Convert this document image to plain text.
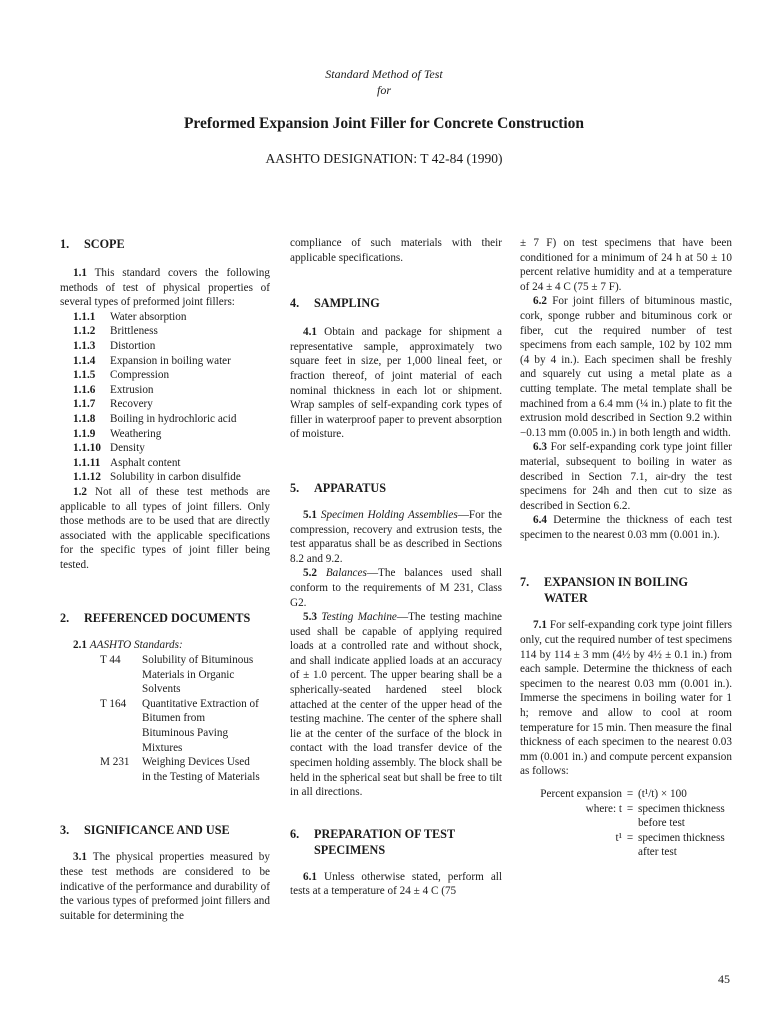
Standard Method of Test
for
Preformed Expansion Joint Filler for Concrete Construction
AASHTO DESIGNATION: T 42-84 (1990)
1.	SCOPE
1.1 This standard covers the following methods of test of physical properties of several types of preformed joint fillers:
1.1.1	Water absorption
1.1.2	Brittleness
1.1.3	Distortion
1.1.4	Expansion in boiling water
1.1.5	Compression
1.1.6	Extrusion
1.1.7	Recovery
1.1.8	Boiling in hydrochloric acid
1.1.9	Weathering
1.1.10 Density
1.1.11 Asphalt content
1.1.12 Solubility in carbon disulfide
1.2 Not all of these test methods are applicable to all types of joint fillers. Only those methods are to be used that are directly associated with the applicable specifications for the specific types of joint filler being tested.
2.	REFERENCED DOCUMENTS
2.1 AASHTO Standards:
T 44	Solubility of Bituminous Materials in Organic Solvents
T 164	Quantitative Extraction of Bitumen from Bituminous Paving Mixtures
M 231	Weighing Devices Used in the Testing of Materials
3.	SIGNIFICANCE AND USE
3.1 The physical properties measured by these test methods are considered to be indicative of the performance and durability of the various types of preformed joint fillers and suitable for determining the
compliance of such materials with their applicable specifications.
4.	SAMPLING
4.1 Obtain and package for shipment a representative sample, approximately two square feet in size, per 1,000 lineal feet, or fraction thereof, of joint material of each nominal thickness in each lot or shipment. Wrap samples of self-expanding cork types of filler in waterproof paper to prevent absorption of moisture.
5.	APPARATUS
5.1 Specimen Holding Assemblies—For the compression, recovery and extrusion tests, the test apparatus shall be as described in Sections 8.2 and 9.2.
5.2 Balances—The balances used shall conform to the requirements of M 231, Class G2.
5.3 Testing Machine—The testing machine used shall be capable of applying required loads at a controlled rate and without shock, and shall indicate applied loads at an accuracy of ± 1.0 percent. The upper bearing shall be a spherically-seated hardened steel block attached at the center of the upper head of the testing machine. The center of the sphere shall lie at the center of the surface of the block in contact with the load transfer device of the specimen holding assembly. The block shall be held in the spherical seat but shall be free to tilt in all directions.
6.	PREPARATION OF TEST SPECIMENS
6.1 Unless otherwise stated, perform all tests at a temperature of 24 ± 4 C (75
± 7 F) on test specimens that have been conditioned for a minimum of 24 h at 50 ± 10 percent relative humidity and at a temperature of 24 ± 4 C (75 ± 7 F).
6.2 For joint fillers of bituminous mastic, cork, sponge rubber and bituminous cork or fiber, cut the required number of test specimens from each sample, 102 by 102 mm (4 by 4 in.). Each specimen shall be freshly and squarely cut using a metal plate as a cutting template. The metal template shall be machined from a 6.4 mm (¼ in.) plate to fit the extrusion mold described in Section 9.2 within −0.13 mm (0.005 in.) in both length and width.
6.3 For self-expanding cork type joint filler material, subsequent to boiling in water as described in Section 7.1, air-dry the test specimens for 24h and then cut to size as described in Section 6.2.
6.4 Determine the thickness of each test specimen to the nearest 0.03 mm (0.001 in.).
7.	EXPANSION IN BOILING WATER
7.1 For self-expanding cork type joint fillers only, cut the required number of test specimens 114 by 114 ± 3 mm (4½ by 4½ ± 0.1 in.) from each sample. Determine the thickness of each specimen to the nearest 0.03 mm (0.001 in.). Immerse the specimens in boiling water for 1 h; remove and allow to cool at room temperature for 15 min. Then measure the final thickness of each specimen to the nearest 0.03 mm (0.001 in.) and compute percent expansion as follows:
Percent expansion = (t¹/t) × 100
where: t = specimen thickness before test
t¹ = specimen thickness after test
45
